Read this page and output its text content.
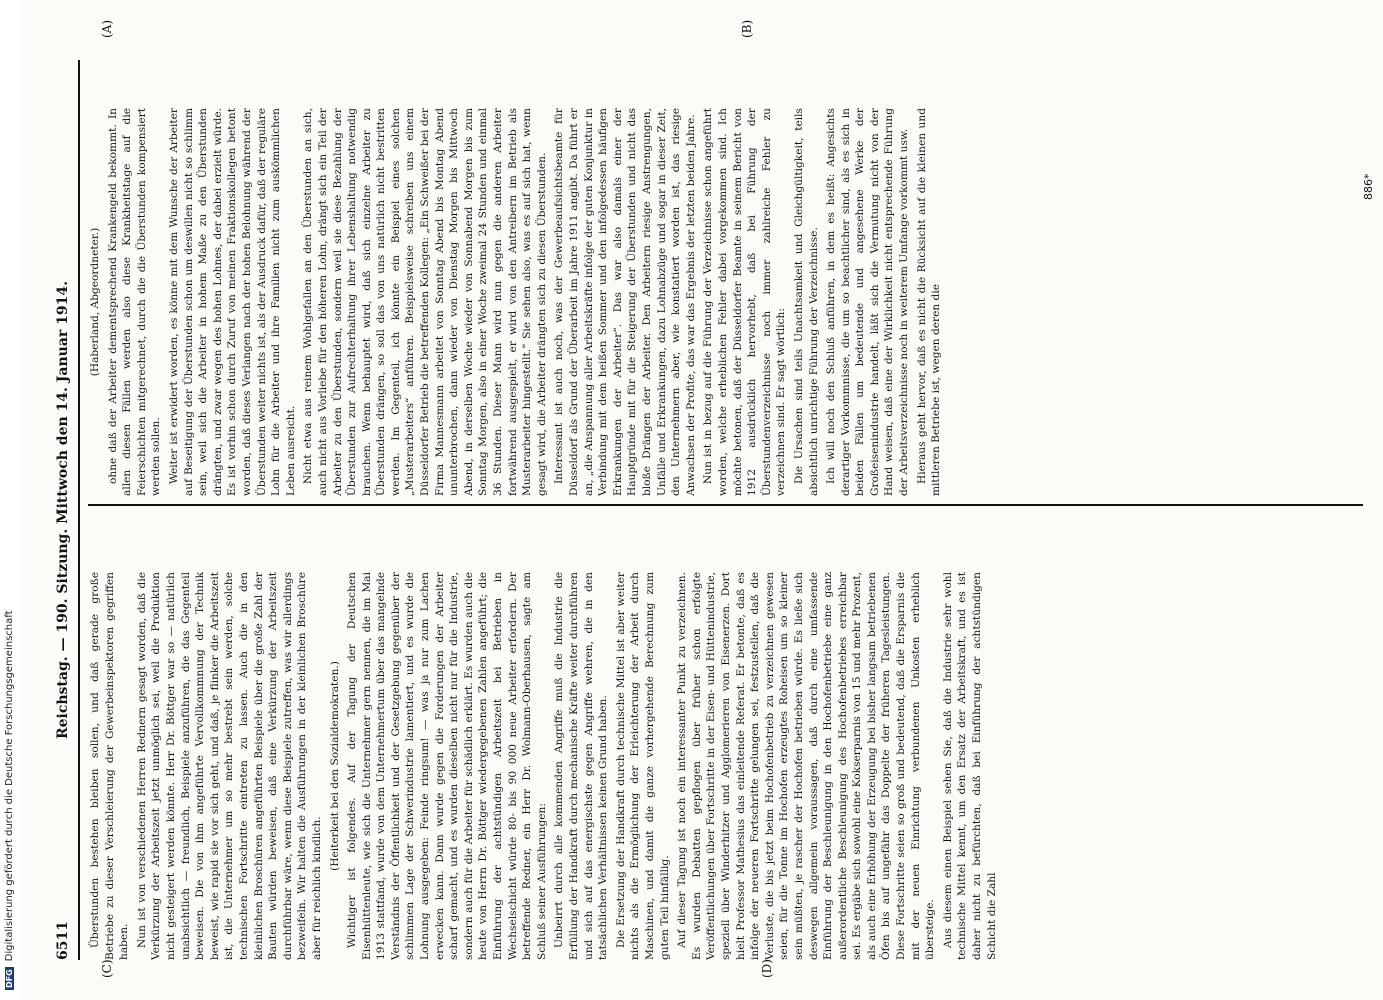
6511
Reichstag. — 190. Sitzung. Mittwoch den 14. Januar 1914.
(C)	(D)
(A)	(B)

Überstunden bestehen bleiben sollen, und daß gerade große Betriebe zu dieser Verschleierung der Gewerbeinspektoren gegriffen haben. Nun ist von verschiedenen Herren Rednern gesagt worden, daß die Verkürzung der Arbeitszeit jetzt unmöglich sei, weil die Produktion nicht gesteigert werden könnte. Herr Dr. Böttger war so — natürlich unabsichtlich — freundlich, Beispiele anzuführen, die das Gegenteil beweisen. Die von ihm angeführte Vervollkommnung der Technik beweist, wie rapid sie vor sich geht, und daß, je flinker die Arbeitszeit ist, die Unternehmer um so mehr bestrebt sein werden, solche technischen Fortschritte eintreten zu lassen. Auch die in den kleinlichen Broschüren angeführten Beispiele über die große Zahl der Bauten würden beweisen, daß eine Verkürzung der Arbeitszeit durchführbar wäre, wenn diese Beispiele zutreffen, was wir allerdings bezweifeln. Wir halten die Ausführungen in der kleinlichen Broschüre aber für reichlich kindlich.

(Heiterkeit bei den Sozialdemokraten.) Wichtiger ist folgendes. Auf der Tagung der Deutschen Eisenhüttenleute, wie sich die Unternehmer gern nennen, die im Mai 1913 stattfand, wurde von dem Unternehmertum über das mangelnde Verständnis der Öffentlichkeit und der Gesetzgebung gegenüber der schlimmen Lage der Schwerindustrie lamentiert, und es wurde die Lohnung ausgegeben: Feinde ringsum! — was ja nur zum Lachen erwecken kann. Dann wurde gegen die Forderungen der Arbeiter scharf gemacht, und es wurden dieselben nicht nur für die Industrie, sondern auch für die Arbeiter für schädlich erklärt. Es wurden auch die heute von Herrn Dr. Böttger wiedergegebenen Zahlen angeführt; die Einführung der achtstündigen Arbeitszeit bei Betrieben in Wechselschicht würde 80- bis 90 000 neue Arbeiter erfordern. Der betreffende Redner, ein Herr Dr. Wolmann-Oberhausen, sagte am Schluß seiner Ausführungen: Unbeirrt durch alle kommenden Angriffe muß die Industrie die Erfüllung der Handkraft durch mechanische Kräfte weiter durchführen und sich auf das energischste gegen Angriffe wehren, die in den tatsächlichen Verhältnissen keinen Grund haben. Die Ersetzung der Handkraft durch technische Mittel ist aber weiter nichts als die Ermöglichung der Erleichterung der Arbeit durch Maschinen, und damit die ganze vorhergehende Berechnung zum guten Teil hinfällig. Auf dieser Tagung ist noch ein interessanter Punkt zu verzeichnen. Es wurden Debatten gepflogen über früher schon erfolgte Veröffentlichungen über Fortschritte in der Eisen- und Hüttenindustrie, speziell über Winderhitzer und Agglomerieren von Eisenerzen. Dort hielt Professor Mathesius das einleitende Referat. Er betonte, daß es infolge der neueren Fortschritte gelungen sei, festzustellen, daß die Verluste, die bis jetzt beim Hochofenbetrieb zu verzeichnen gewesen seien, für die Tonne im Hochofen erzeugtes Roheisen um so kleiner sein müßten, je rascher der Hochofen betrieben würde. Es ließe sich deswegen allgemein voraussagen, daß durch eine umfassende Einführung der Beschleunigung in den Hochofenbetriebe eine ganz außerordentliche Beschleunigung des Hochofenbetriebes erreichbar sei. Es ergäbe sich sowohl eine Kokserparnis von 15 und mehr Prozent, als auch eine Erhöhung der Erzeugung bei bisher langsam betriebenen Öfen bis auf ungefähr das Doppelte der früheren Tagesleistungen. Diese Fortschritte seien so groß und bedeutend, daß die Ersparnis die mit der neuen Einrichtung verbundenen Unkosten erheblich übersteige. Aus diesem einen Beispiel sehen Sie, daß die Industrie sehr wohl technische Mittel kennt, um den Ersatz der Arbeitskraft, und es ist daher nicht zu befürchten, daß bei Einführung der achtstündigen Schicht die Zahl

(Haberland, Abgeordneter.) ohne daß der Arbeiter dementsprechend Krankengeld bekommt. In allen diesen Fällen werden also diese Krankheitstage auf die Feierschichten mitgerechnet, durch die die Überstunden kompensiert werden sollen. Weiter ist erwidert worden, es könne mit dem Wunsche der Arbeiter auf Beseitigung der Überstunden schon um deswillen nicht so schlimm sein, weil sich die Arbeiter in hohem Maße zu den Überstunden drängten, und zwar wegen des hohen Lohnes, der dabei erzielt würde. Es ist vorhin schon durch Zuruf von meinen Fraktionskollegen betont worden, daß dieses Verlangen nach der hohen Belohnung während der Überstunden weiter nichts ist, als der Ausdruck dafür, daß der reguläre Lohn für die Arbeiter und ihre Familien nicht zum auskömmlichen Leben ausreicht. Nicht etwa aus reinem Wohlgefallen an den Überstunden an sich, auch nicht aus Vorliebe für den höheren Lohn, drängt sich ein Teil der Arbeiter zu den Überstunden, sondern weil sie diese Bezahlung der Überstunden zur Aufrechterhaltung ihrer Lebenshaltung notwendig brauchen. Wenn behauptet wird, daß sich einzelne Arbeiter zu Überstunden drängen, so soll das von uns natürlich nicht bestritten werden. Im Gegenteil, ich könnte ein Beispiel eines solchen „Musterarbeiters“ anführen. Beispielsweise schreiben uns einem Düsseldorfer Betrieb die betreffenden Kollegen: „Ein Schweißer bei der Firma Mannesmann arbeitet von Sonntag Abend bis Montag Abend ununterbrochen, dann wieder von Dienstag Morgen bis Mittwoch Abend, in derselben Woche wieder von Sonnabend Morgen bis zum Sonntag Morgen, also in einer Woche zweimal 24 Stunden und einmal 36 Stunden. Dieser Mann wird nun gegen die anderen Arbeiter fortwährend ausgespielt, er wird von den Antreibern im Betrieb als Musterarbeiter hingestellt.“ Sie sehen also, was es auf sich hat, wenn gesagt wird, die Arbeiter drängten sich zu diesen Überstunden. Interessant ist auch noch, was der Gewerbeaufsichtsbeamte für Düsseldorf als Grund der Überarbeit im Jahre 1911 angibt. Da führt er an, „die Anspannung aller Arbeitskräfte infolge der guten Konjunktur in Verbindung mit dem heißen Sommer und den infolgedessen häufigen Erkrankungen der Arbeiter“. Das war also damals einer der Hauptgründe mit für die Steigerung der Überstunden und nicht das bloße Drängen der Arbeiter. Den Arbeitern riesige Anstrengungen, Unfälle und Erkrankungen, dazu Lohnabzüge und sogar in dieser Zeit, den Unternehmern aber, wie konstatiert worden ist, das riesige Anwachsen der Profite, das war das Ergebnis der letzten beiden Jahre. Nun ist in bezug auf die Führung der Verzeichnisse schon angeführt worden, welche erheblichen Fehler dabei vorgekommen sind. Ich möchte betonen, daß der Düsseldorfer Beamte in seinem Bericht von 1912 ausdrücklich hervorhebt, daß bei Führung der Überstundenverzeichnisse noch immer zahlreiche Fehler zu verzeichnen sind. Er sagt wörtlich: Die Ursachen sind teils Unachtsamkeit und Gleichgültigkeit, teils absichtlich unrichtige Führung der Verzeichnisse. Ich will noch den Schluß anführen, in dem es heißt: Angesichts derartiger Vorkommnisse, die um so beachtlicher sind, als es sich in beiden Fällen um bedeutende und angesehene Werke der Großeisenindustrie handelt, läßt sich die Vermutung nicht von der Hand weisen, daß eine der Wirklichkeit nicht entsprechende Führung der Arbeitsverzeichnisse noch in weiterem Umfange vorkommt usw. Hieraus geht hervor, daß es nicht die Rücksicht auf die kleinen und mittleren Betriebe ist, wegen deren die

886*
DFGDigitalisierung gefördert durch die Deutsche Forschungsgemeinschaft
